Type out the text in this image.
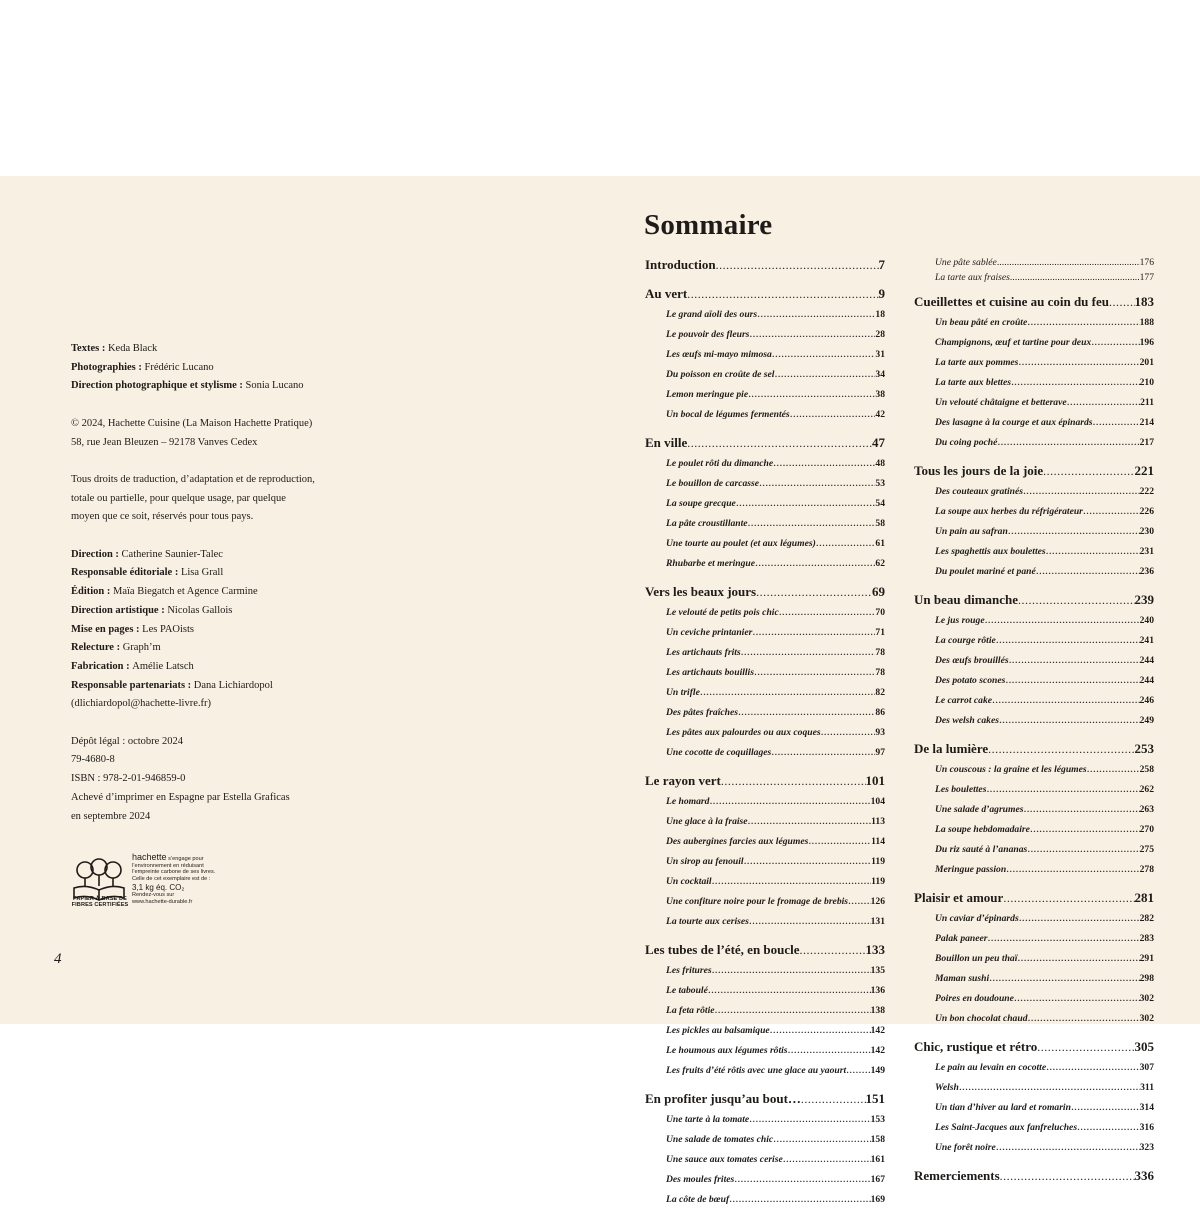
Textes : Keda Black

Photographies : Frédéric Lucano

Direction photographique et stylisme : Sonia Lucano

© 2024, Hachette Cuisine (La Maison Hachette Pratique)

58, rue Jean Bleuzen – 92178 Vanves Cedex

Tous droits de traduction, d’adaptation et de reproduction,

totale ou partielle, pour quelque usage, par quelque

moyen que ce soit, réservés pour tous pays.

Direction : Catherine Saunier-Talec

Responsable éditoriale : Lisa Grall

Édition : Maïa Biegatch et Agence Carmine

Direction artistique : Nicolas Gallois

Mise en pages : Les PAOists

Relecture : Graph’m

Fabrication : Amélie Latsch

Responsable partenariats : Dana Lichiardopol

(dlichiardopol@hachette-livre.fr)

Dépôt légal : octobre 2024

79-4680-8

ISBN : 978-2-01-946859-0

Achevé d’imprimer en Espagne par Estella Graficas

en septembre 2024

PAPIER À BASE DE
FIBRES CERTIFIÉES
hachette s’engage pour
l’environnement en réduisant
l’empreinte carbone de ses livres.
Celle de cet exemplaire est de :
3,1 kg éq. CO₂
Rendez-vous sur
www.hachette-durable.fr
4
Sommaire
Introduction .....	7
Au vert .....	9
Le grand aïoli des ours .....	18
Le pouvoir des fleurs .....	28
Les œufs mi-mayo mimosa .....	31
Du poisson en croûte de sel .....	34
Lemon meringue pie .....	38
Un bocal de légumes fermentés .....	42
En ville .....	47
Le poulet rôti du dimanche .....	48
Le bouillon de carcasse .....	53
La soupe grecque .....	54
La pâte croustillante .....	58
Une tourte au poulet (et aux légumes) .....	61
Rhubarbe et meringue .....	62
Vers les beaux jours .....	69
Le velouté de petits pois chic .....	70
Un ceviche printanier .....	71
Les artichauts frits .....	78
Les artichauts bouillis .....	78
Un trifle .....	82
Des pâtes fraîches .....	86
Les pâtes aux palourdes ou aux coques .....	93
Une cocotte de coquillages .....	97
Le rayon vert .....	101
Le homard .....	104
Une glace à la fraise .....	113
Des aubergines farcies aux légumes .....	114
Un sirop au fenouil .....	119
Un cocktail .....	119
Une confiture noire pour le fromage de brebis ..... 126
La tourte aux cerises .....	131
Les tubes de l’été, en boucle .....	133
Les fritures .....	135
Le taboulé .....	136
La feta rôtie .....	138
Les pickles au balsamique .....	142
Le houmous aux légumes rôtis .....	142
Les fruits d’été rôtis avec une glace au yaourt .....	149
En profiter jusqu’au bout… .....	151
Une tarte à la tomate .....	153
Une salade de tomates chic .....	158
Une sauce aux tomates cerise .....	161
Des moules frites .....	167
La côte de bœuf .....	169
Une pâte sablée .....	176
La tarte aux fraises .....	177
Cueillettes et cuisine au coin du feu ..... 183
Un beau pâté en croûte .....	188
Champignons, œuf et tartine pour deux .....	196
La tarte aux pommes .....	201
La tarte aux blettes .....	210
Un velouté châtaigne et betterave .....	211
Des lasagne à la courge et aux épinards .....	214
Du coing poché .....	217
Tous les jours de la joie .....	221
Des couteaux gratinés .....	222
La soupe aux herbes du réfrigérateur .....	226
Un pain au safran .....	230
Les spaghettis aux boulettes .....	231
Du poulet mariné et pané .....	236
Un beau dimanche .....	239
Le jus rouge .....	240
La courge rôtie .....	241
Des œufs brouillés .....	244
Des potato scones .....	244
Le carrot cake .....	246
Des welsh cakes .....	249
De la lumière .....	253
Un couscous : la graine et les légumes .....	258
Les boulettes .....	262
Une salade d’agrumes .....	263
La soupe hebdomadaire .....	270
Du riz sauté à l’ananas .....	275
Meringue passion .....	278
Plaisir et amour .....	281
Un caviar d’épinards .....	282
Palak paneer .....	283
Bouillon un peu thaï .....	291
Maman sushi .....	298
Poires en doudoune .....	302
Un bon chocolat chaud .....	302
Chic, rustique et rétro .....	305
Le pain au levain en cocotte .....	307
Welsh .....	311
Un tian d’hiver au lard et romarin .....	314
Les Saint-Jacques aux fanfreluches .....	316
Une forêt noire .....	323
Remerciements .....	336
